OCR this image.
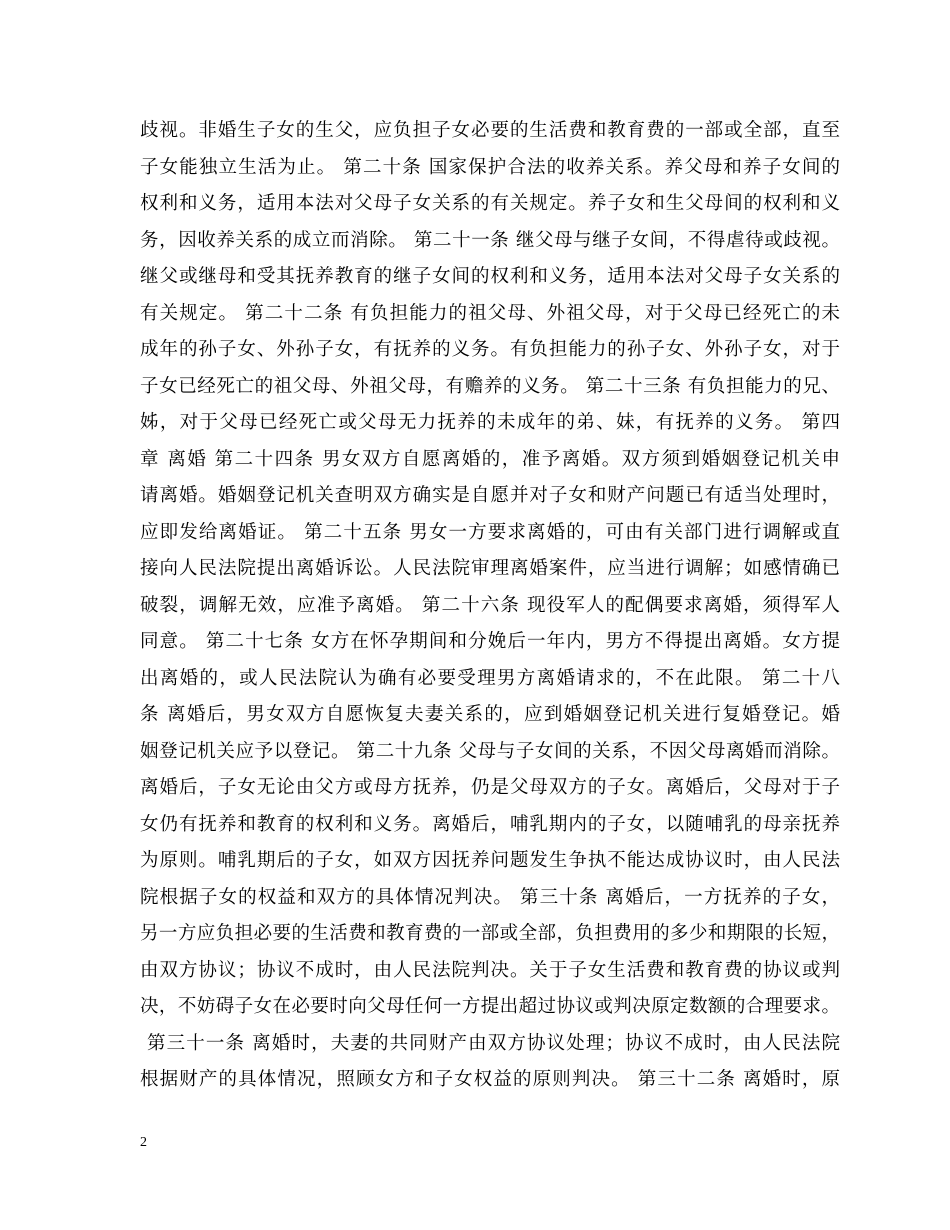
歧视。非婚生子女的生父，应负担子女必要的生活费和教育费的一部或全部，直至
子女能独立生活为止。 第二十条 国家保护合法的收养关系。养父母和养子女间的
权利和义务，适用本法对父母子女关系的有关规定。养子女和生父母间的权利和义
务，因收养关系的成立而消除。 第二十一条 继父母与继子女间，不得虐待或歧视。
继父或继母和受其抚养教育的继子女间的权利和义务，适用本法对父母子女关系的
有关规定。 第二十二条 有负担能力的祖父母、外祖父母，对于父母已经死亡的未
成年的孙子女、外孙子女，有抚养的义务。有负担能力的孙子女、外孙子女，对于
子女已经死亡的祖父母、外祖父母，有赡养的义务。 第二十三条 有负担能力的兄、
姊，对于父母已经死亡或父母无力抚养的未成年的弟、妹，有抚养的义务。 第四
章 离婚 第二十四条 男女双方自愿离婚的，准予离婚。双方须到婚姻登记机关申
请离婚。婚姻登记机关查明双方确实是自愿并对子女和财产问题已有适当处理时，
应即发给离婚证。 第二十五条 男女一方要求离婚的，可由有关部门进行调解或直
接向人民法院提出离婚诉讼。人民法院审理离婚案件，应当进行调解；如感情确已
破裂，调解无效，应准予离婚。 第二十六条 现役军人的配偶要求离婚，须得军人
同意。 第二十七条 女方在怀孕期间和分娩后一年内，男方不得提出离婚。女方提
出离婚的，或人民法院认为确有必要受理男方离婚请求的，不在此限。 第二十八
条 离婚后，男女双方自愿恢复夫妻关系的，应到婚姻登记机关进行复婚登记。婚
姻登记机关应予以登记。 第二十九条 父母与子女间的关系，不因父母离婚而消除。
离婚后，子女无论由父方或母方抚养，仍是父母双方的子女。离婚后，父母对于子
女仍有抚养和教育的权利和义务。离婚后，哺乳期内的子女，以随哺乳的母亲抚养
为原则。哺乳期后的子女，如双方因抚养问题发生争执不能达成协议时，由人民法
院根据子女的权益和双方的具体情况判决。 第三十条 离婚后，一方抚养的子女，
另一方应负担必要的生活费和教育费的一部或全部，负担费用的多少和期限的长短，
由双方协议；协议不成时，由人民法院判决。关于子女生活费和教育费的协议或判
决，不妨碍子女在必要时向父母任何一方提出超过协议或判决原定数额的合理要求。
第三十一条 离婚时，夫妻的共同财产由双方协议处理；协议不成时，由人民法院
根据财产的具体情况，照顾女方和子女权益的原则判决。 第三十二条 离婚时，原
2
